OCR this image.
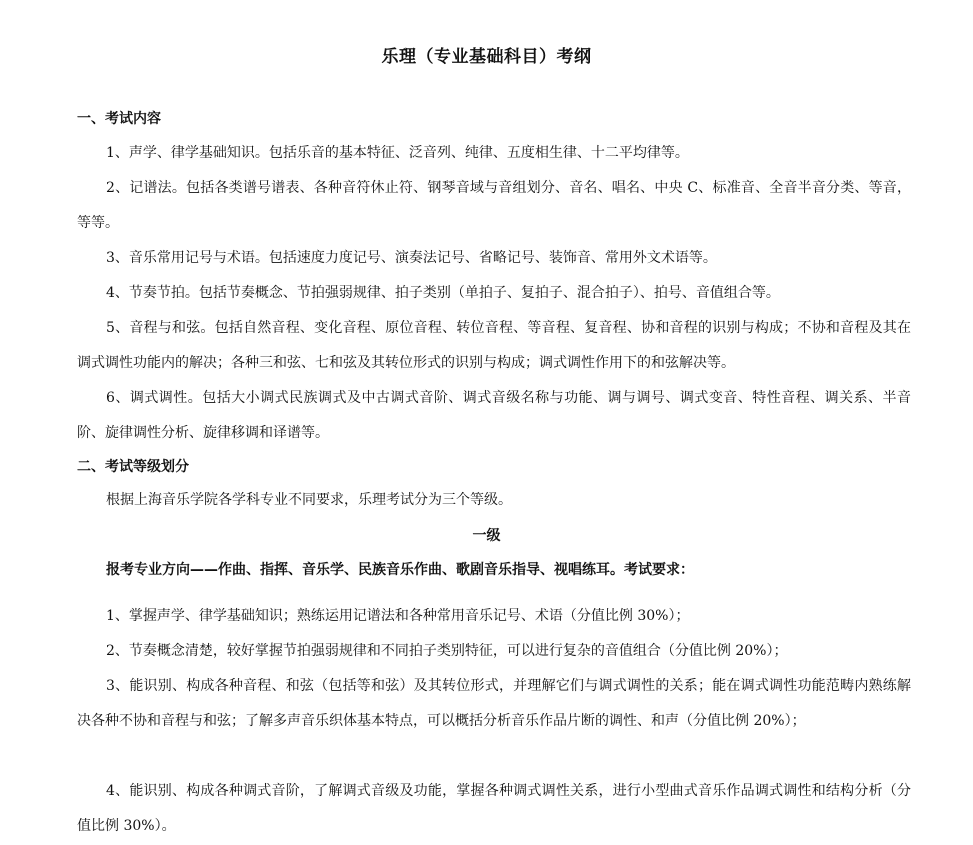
乐理（专业基础科目）考纲
一、考试内容
1、声学、律学基础知识。包括乐音的基本特征、泛音列、纯律、五度相生律、十二平均律等。
2、记谱法。包括各类谱号谱表、各种音符休止符、钢琴音域与音组划分、音名、唱名、中央 C、标准音、全音半音分类、等音，等等。
3、音乐常用记号与术语。包括速度力度记号、演奏法记号、省略记号、装饰音、常用外文术语等。
4、节奏节拍。包括节奏概念、节拍强弱规律、拍子类别（单拍子、复拍子、混合拍子）、拍号、音值组合等。
5、音程与和弦。包括自然音程、变化音程、原位音程、转位音程、等音程、复音程、协和音程的识别与构成；不协和音程及其在调式调性功能内的解决；各种三和弦、七和弦及其转位形式的识别与构成；调式调性作用下的和弦解决等。
6、调式调性。包括大小调式民族调式及中古调式音阶、调式音级名称与功能、调与调号、调式变音、特性音程、调关系、半音阶、旋律调性分析、旋律移调和译谱等。
二、考试等级划分
根据上海音乐学院各学科专业不同要求，乐理考试分为三个等级。
一级
报考专业方向——作曲、指挥、音乐学、民族音乐作曲、歌剧音乐指导、视唱练耳。考试要求：
1、掌握声学、律学基础知识；熟练运用记谱法和各种常用音乐记号、术语（分值比例 30%）；
2、节奏概念清楚，较好掌握节拍强弱规律和不同拍子类别特征，可以进行复杂的音值组合（分值比例 20%）；
3、能识别、构成各种音程、和弦（包括等和弦）及其转位形式，并理解它们与调式调性的关系；能在调式调性功能范畴内熟练解决各种不协和音程与和弦；了解多声音乐织体基本特点，可以概括分析音乐作品片断的调性、和声（分值比例 20%）；
4、能识别、构成各种调式音阶，了解调式音级及功能，掌握各种调式调性关系，进行小型曲式音乐作品调式调性和结构分析（分值比例 30%）。
